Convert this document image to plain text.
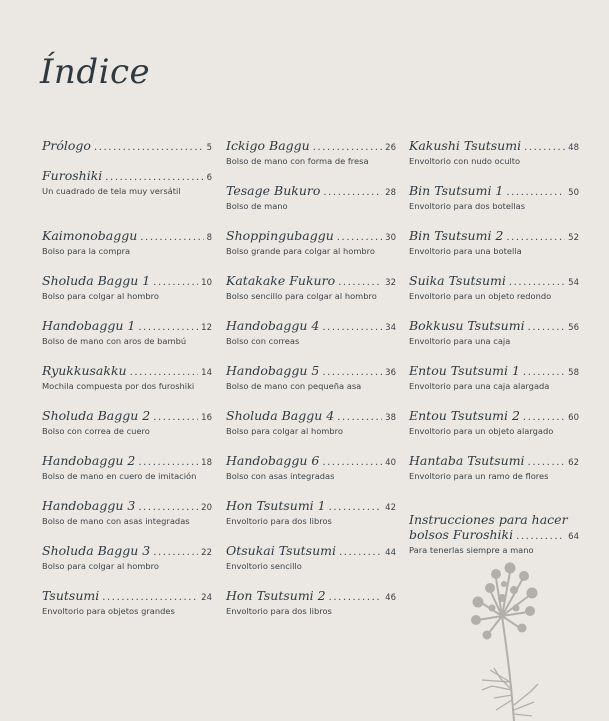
Índice
Prólogo .....	5
Furoshiki .....	6
Un cuadrado de tela muy versátil
Kaimonobaggu .....	8
Bolso para la compra
Sholuda Baggu 1 .....	10
Bolso para colgar al hombro
Handobaggu 1 .....	12
Bolso de mano con aros de bambú
Ryukkusakku .....	14
Mochila compuesta por dos furoshiki
Sholuda Baggu 2 .....	16
Bolso con correa de cuero
Handobaggu 2 .....	18
Bolso de mano en cuero de imitación
Handobaggu 3 .....	20
Bolso de mano con asas integradas
Sholuda Baggu 3 .....	22
Bolso para colgar al hombro
Tsutsumi .....	24
Envoltorio para objetos grandes
Ickigo Baggu .....	26
Bolso de mano con forma de fresa
Tesage Bukuro .....	28
Bolso de mano
Shoppingubaggu .....	30
Bolso grande para colgar al hombro
Katakake Fukuro .....	32
Bolso sencillo para colgar al hombro
Handobaggu 4 .....	34
Bolso con correas
Handobaggu 5 .....	36
Bolso de mano con pequeña asa
Sholuda Baggu 4 .....	38
Bolso para colgar al hombro
Handobaggu 6 .....	40
Bolso con asas integradas
Hon Tsutsumi 1 .....	42
Envoltorio para dos libros
Otsukai Tsutsumi .....	44
Envoltorio sencillo
Hon Tsutsumi 2 .....	46
Envoltorio para dos libros
Kakushi Tsutsumi .....	48
Envoltorio con nudo oculto
Bin Tsutsumi 1 .....	50
Envoltorio para dos botellas
Bin Tsutsumi 2 .....	52
Envoltorio para una botella
Suika Tsutsumi .....	54
Envoltorio para un objeto redondo
Bokkusu Tsutsumi .....	56
Envoltorio para una caja
Entou Tsutsumi 1 .....	58
Envoltorio para una caja alargada
Entou Tsutsumi 2 .....	60
Envoltorio para un objeto alargado
Hantaba Tsutsumi .....	62
Envoltorio para un ramo de flores
Instrucciones para hacer
bolsos Furoshiki .....	64
Para tenerlas siempre a mano
